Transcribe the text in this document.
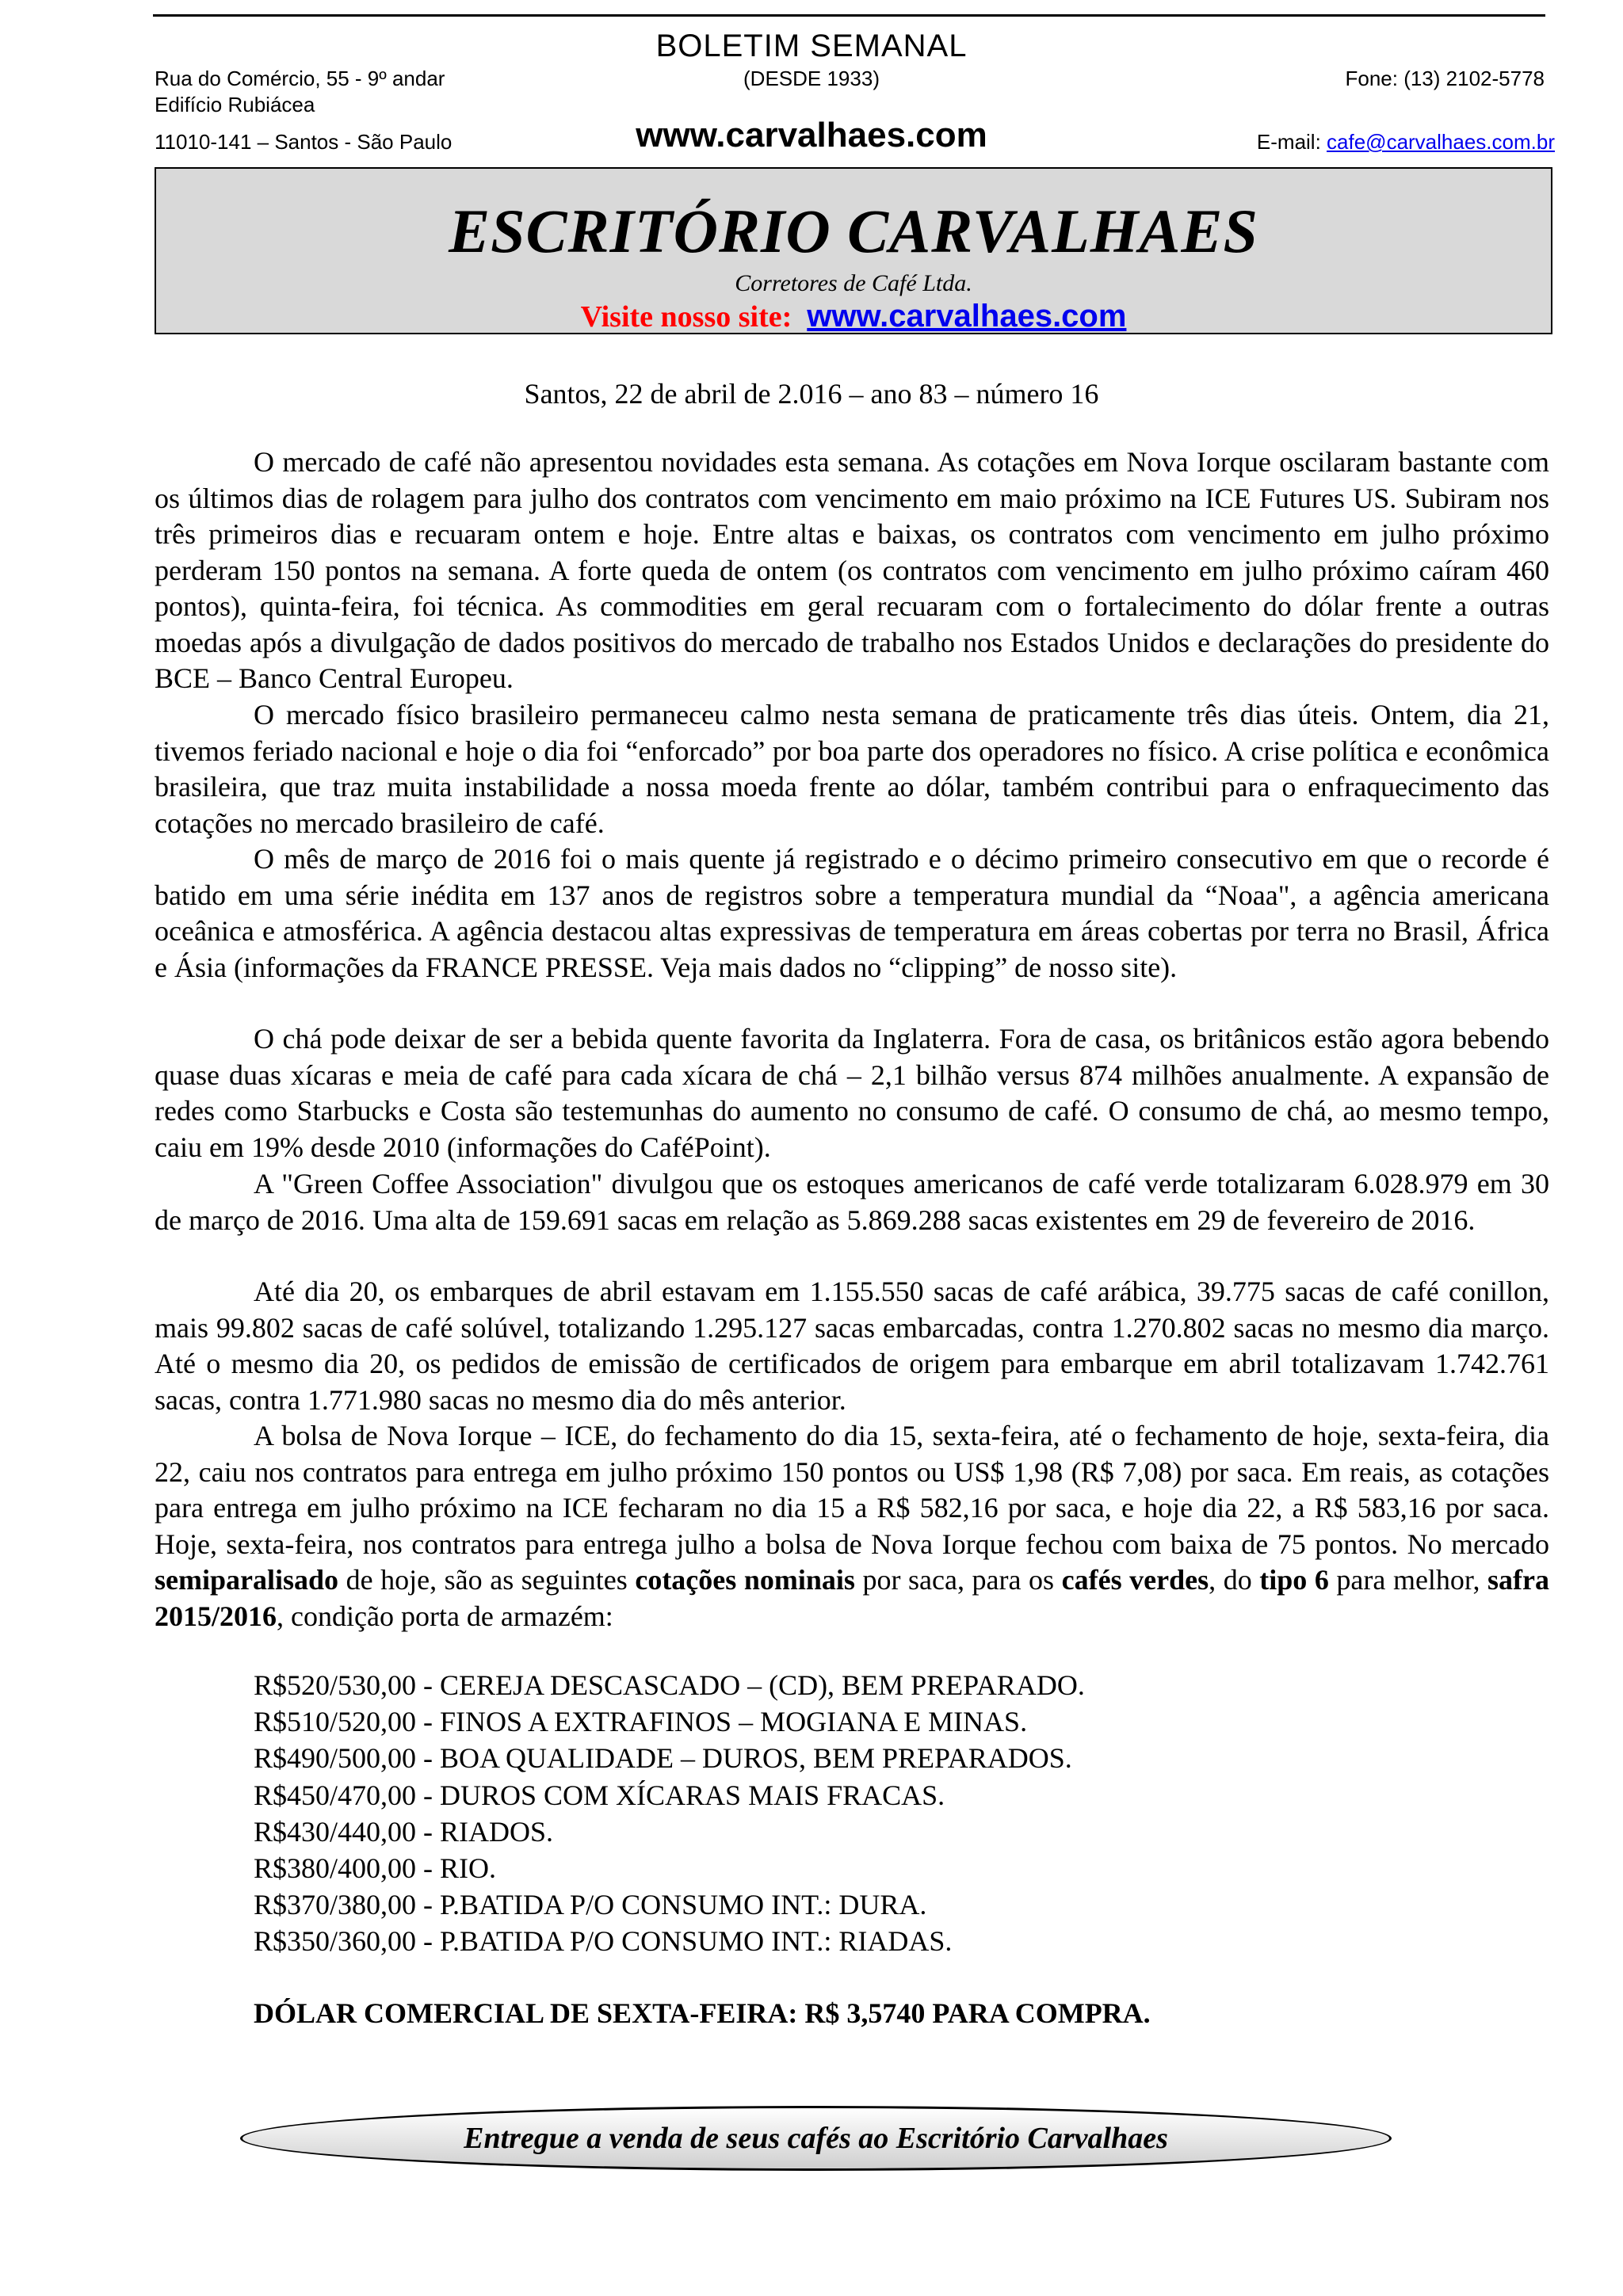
BOLETIM SEMANAL
Rua do Comércio, 55 - 9º andar	(DESDE 1933)	Fone: (13) 2102-5778
Edifício Rubiácea
11010-141 – Santos - São Paulo	www.carvalhaes.com	E-mail: cafe@carvalhaes.com.br
ESCRITÓRIO CARVALHAES
Corretores de Café Ltda.
Visite nosso site: www.carvalhaes.com
Santos, 22 de abril de 2.016 – ano 83 – número 16

O mercado de café não apresentou novidades esta semana. As cotações em Nova Iorque oscilaram bastante com os últimos dias de rolagem para julho dos contratos com vencimento em maio próximo na ICE Futures US. Subiram nos três primeiros dias e recuaram ontem e hoje. Entre altas e baixas, os contratos com vencimento em julho próximo perderam 150 pontos na semana. A forte queda de ontem (os contratos com vencimento em julho próximo caíram 460 pontos), quinta-feira, foi técnica. As commodities em geral recuaram com o fortalecimento do dólar frente a outras moedas após a divulgação de dados positivos do mercado de trabalho nos Estados Unidos e declarações do presidente do BCE – Banco Central Europeu.

O mercado físico brasileiro permaneceu calmo nesta semana de praticamente três dias úteis. Ontem, dia 21, tivemos feriado nacional e hoje o dia foi “enforcado” por boa parte dos operadores no físico. A crise política e econômica brasileira, que traz muita instabilidade a nossa moeda frente ao dólar, também contribui para o enfraquecimento das cotações no mercado brasileiro de café.

O mês de março de 2016 foi o mais quente já registrado e o décimo primeiro consecutivo em que o recorde é batido em uma série inédita em 137 anos de registros sobre a temperatura mundial da “Noaa", a agência americana oceânica e atmosférica. A agência destacou altas expressivas de temperatura em áreas cobertas por terra no Brasil, África e Ásia (informações da FRANCE PRESSE. Veja mais dados no “clipping” de nosso site).

O chá pode deixar de ser a bebida quente favorita da Inglaterra. Fora de casa, os britânicos estão agora bebendo quase duas xícaras e meia de café para cada xícara de chá – 2,1 bilhão versus 874 milhões anualmente. A expansão de redes como Starbucks e Costa são testemunhas do aumento no consumo de café. O consumo de chá, ao mesmo tempo, caiu em 19% desde 2010 (informações do CaféPoint).

A "Green Coffee Association" divulgou que os estoques americanos de café verde totalizaram 6.028.979 em 30 de março de 2016. Uma alta de 159.691 sacas em relação as 5.869.288 sacas existentes em 29 de fevereiro de 2016.

Até dia 20, os embarques de abril estavam em 1.155.550 sacas de café arábica, 39.775 sacas de café conillon, mais 99.802 sacas de café solúvel, totalizando 1.295.127 sacas embarcadas, contra 1.270.802 sacas no mesmo dia março. Até o mesmo dia 20, os pedidos de emissão de certificados de origem para embarque em abril totalizavam 1.742.761 sacas, contra 1.771.980 sacas no mesmo dia do mês anterior.

A bolsa de Nova Iorque – ICE, do fechamento do dia 15, sexta-feira, até o fechamento de hoje, sexta-feira, dia 22, caiu nos contratos para entrega em julho próximo 150 pontos ou US$ 1,98 (R$ 7,08) por saca. Em reais, as cotações para entrega em julho próximo na ICE fecharam no dia 15 a R$ 582,16 por saca, e hoje dia 22, a R$ 583,16 por saca. Hoje, sexta-feira, nos contratos para entrega julho a bolsa de Nova Iorque fechou com baixa de 75 pontos. No mercado semiparalisado de hoje, são as seguintes cotações nominais por saca, para os cafés verdes, do tipo 6 para melhor, safra 2015/2016, condição porta de armazém:

R$520/530,00 - CEREJA DESCASCADO – (CD), BEM PREPARADO.
R$510/520,00 - FINOS A EXTRAFINOS – MOGIANA E MINAS.
R$490/500,00 - BOA QUALIDADE – DUROS, BEM PREPARADOS.
R$450/470,00 - DUROS COM XÍCARAS MAIS FRACAS.
R$430/440,00 - RIADOS.
R$380/400,00 - RIO.
R$370/380,00 - P.BATIDA P/O CONSUMO INT.: DURA.
R$350/360,00 - P.BATIDA P/O CONSUMO INT.: RIADAS.
DÓLAR COMERCIAL DE SEXTA-FEIRA: R$ 3,5740 PARA COMPRA.
Entregue a venda de seus cafés ao Escritório Carvalhaes
